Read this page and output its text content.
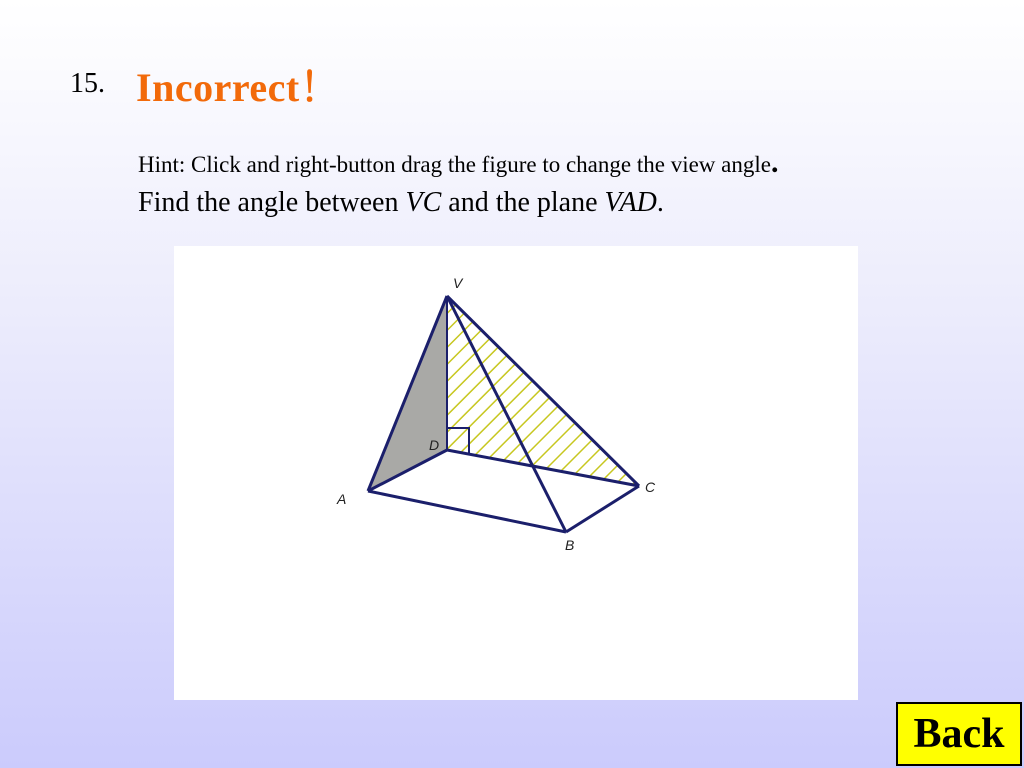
15. Incorrect！
Hint: Click and right-button drag the figure to change the view angle.
Find the angle between VC and the plane VAD.
V
D
A
C
B
Back
